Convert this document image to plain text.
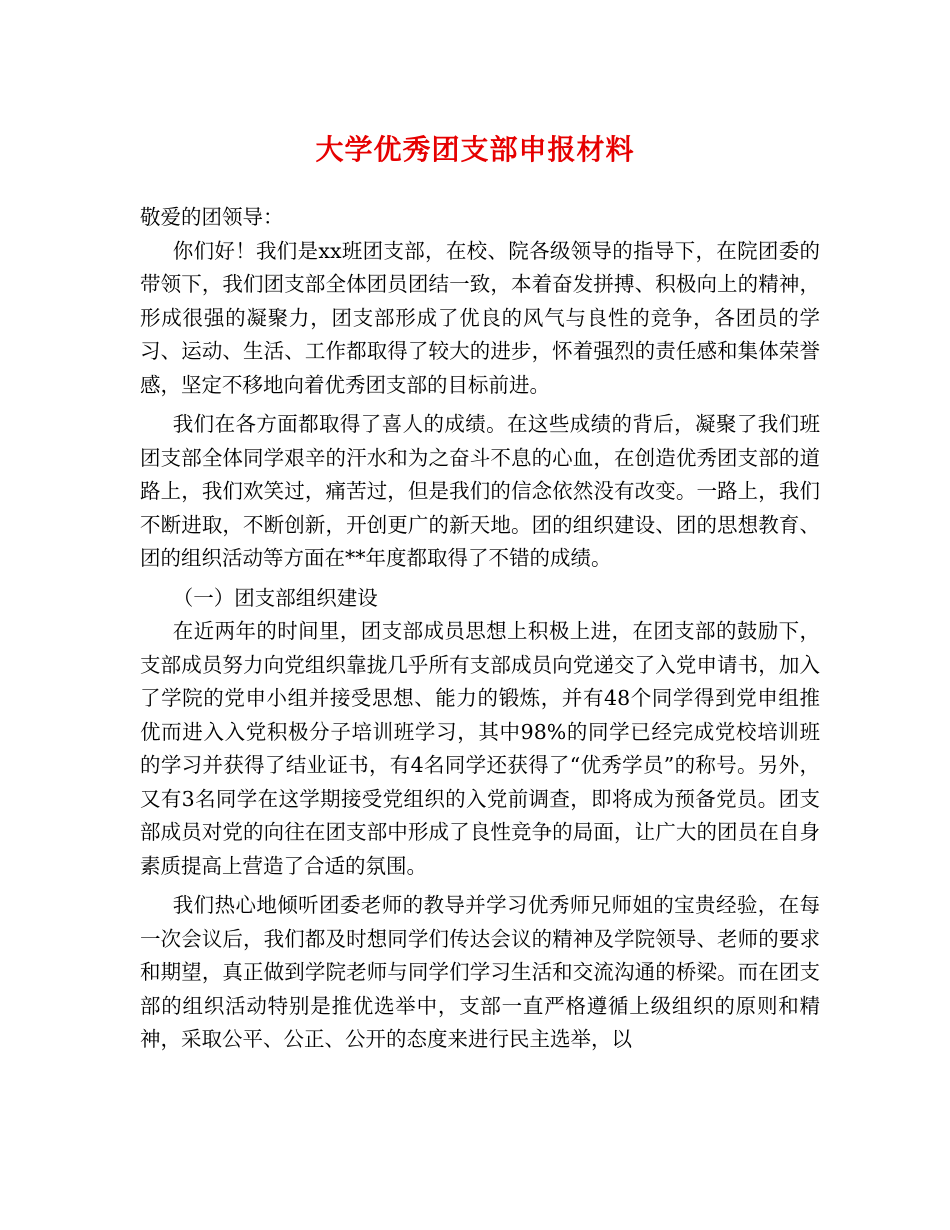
大学优秀团支部申报材料

敬爱的团领导：

你们好！我们是xx班团支部，在校、院各级领导的指导下，在院团委的带领下，我们团支部全体团员团结一致，本着奋发拼搏、积极向上的精神，形成很强的凝聚力，团支部形成了优良的风气与良性的竞争，各团员的学习、运动、生活、工作都取得了较大的进步，怀着强烈的责任感和集体荣誉感，坚定不移地向着优秀团支部的目标前进。

我们在各方面都取得了喜人的成绩。在这些成绩的背后，凝聚了我们班团支部全体同学艰辛的汗水和为之奋斗不息的心血，在创造优秀团支部的道路上，我们欢笑过，痛苦过，但是我们的信念依然没有改变。一路上，我们不断进取，不断创新，开创更广的新天地。团的组织建设、团的思想教育、团的组织活动等方面在**年度都取得了不错的成绩。

（一）团支部组织建设

在近两年的时间里，团支部成员思想上积极上进，在团支部的鼓励下，支部成员努力向党组织靠拢几乎所有支部成员向党递交了入党申请书，加入了学院的党申小组并接受思想、能力的锻炼，并有48个同学得到党申组推优而进入入党积极分子培训班学习，其中98%的同学已经完成党校培训班的学习并获得了结业证书，有4名同学还获得了“优秀学员”的称号。另外，又有3名同学在这学期接受党组织的入党前调查，即将成为预备党员。团支部成员对党的向往在团支部中形成了良性竞争的局面，让广大的团员在自身素质提高上营造了合适的氛围。

我们热心地倾听团委老师的教导并学习优秀师兄师姐的宝贵经验，在每一次会议后，我们都及时想同学们传达会议的精神及学院领导、老师的要求和期望，真正做到学院老师与同学们学习生活和交流沟通的桥梁。而在团支部的组织活动特别是推优选举中，支部一直严格遵循上级组织的原则和精神，采取公平、公正、公开的态度来进行民主选举，以
